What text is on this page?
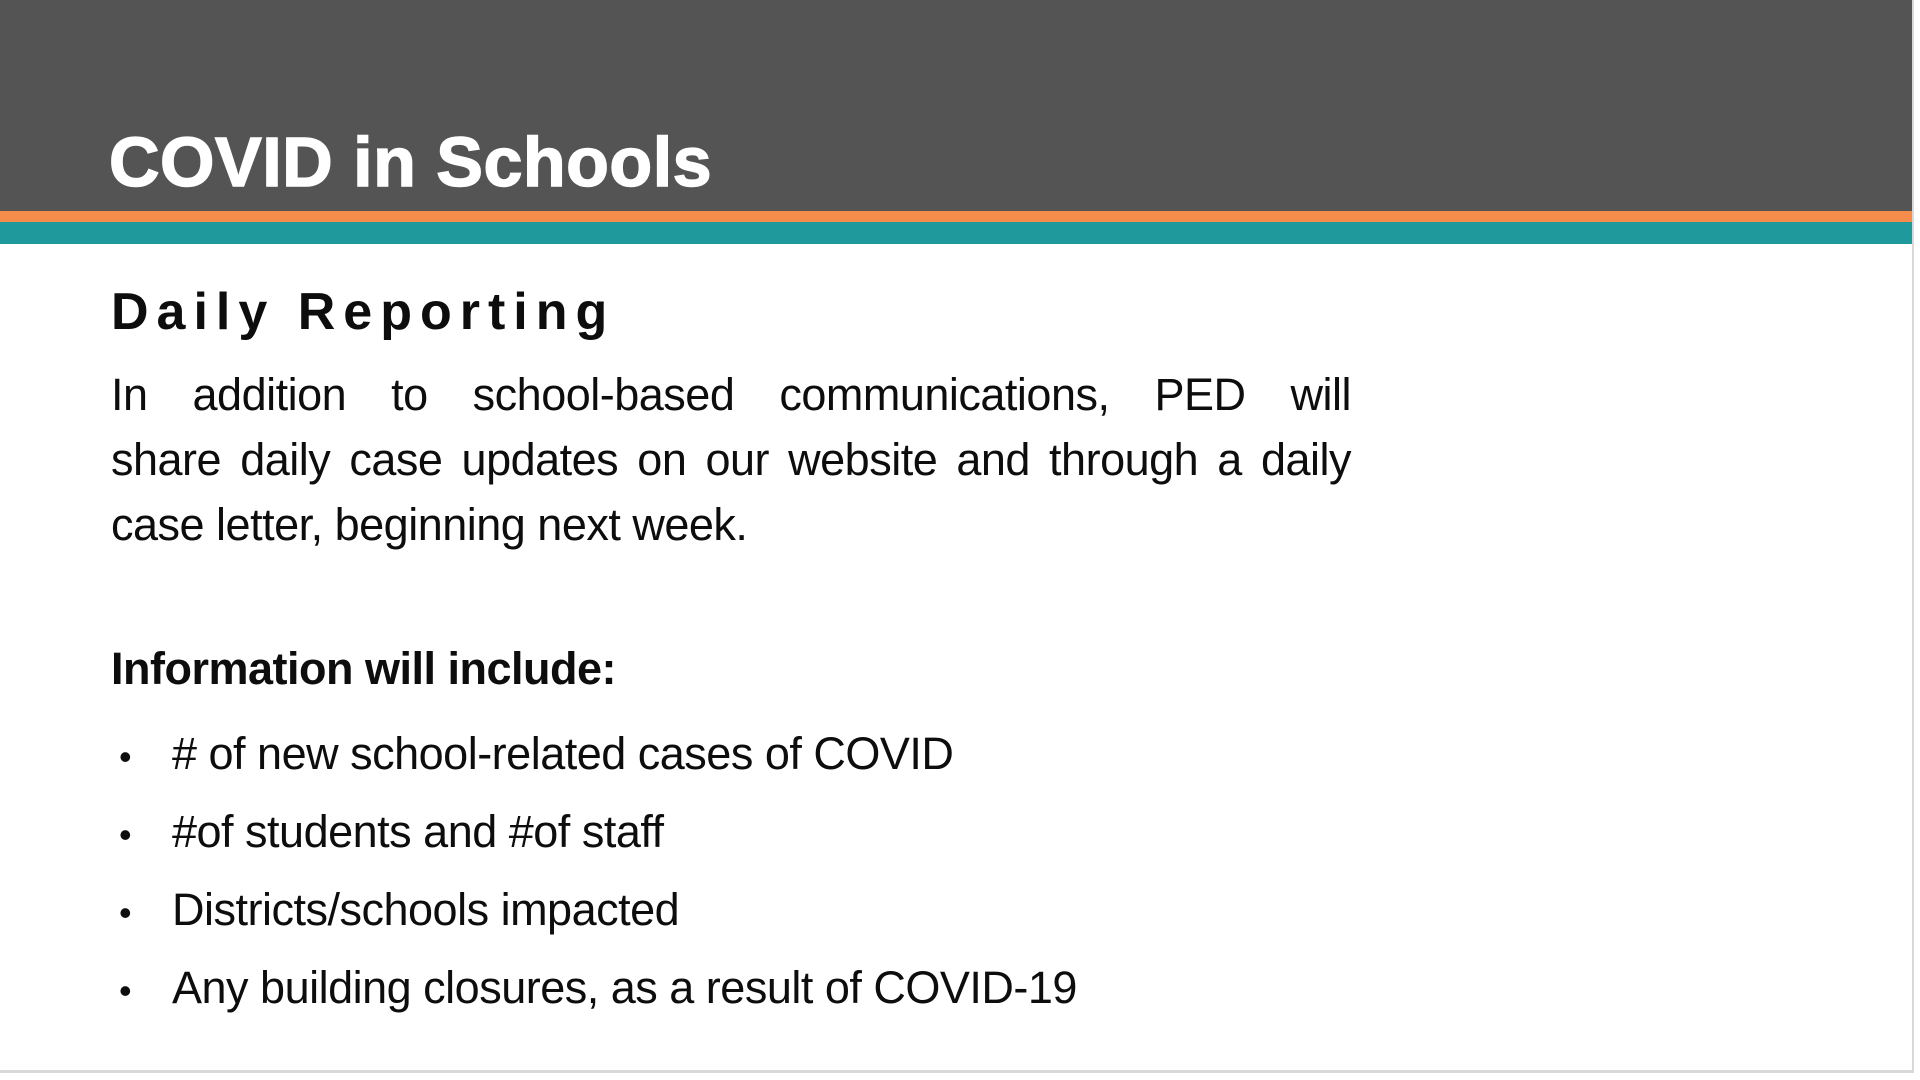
COVID in Schools
Daily Reporting
In addition to school-based communications, PED will
share daily case updates on our website and through a daily
case letter, beginning next week.
Information will include:
• # of new school-related cases of COVID
• #of students and #of staff
• Districts/schools impacted
• Any building closures, as a result of COVID-19
